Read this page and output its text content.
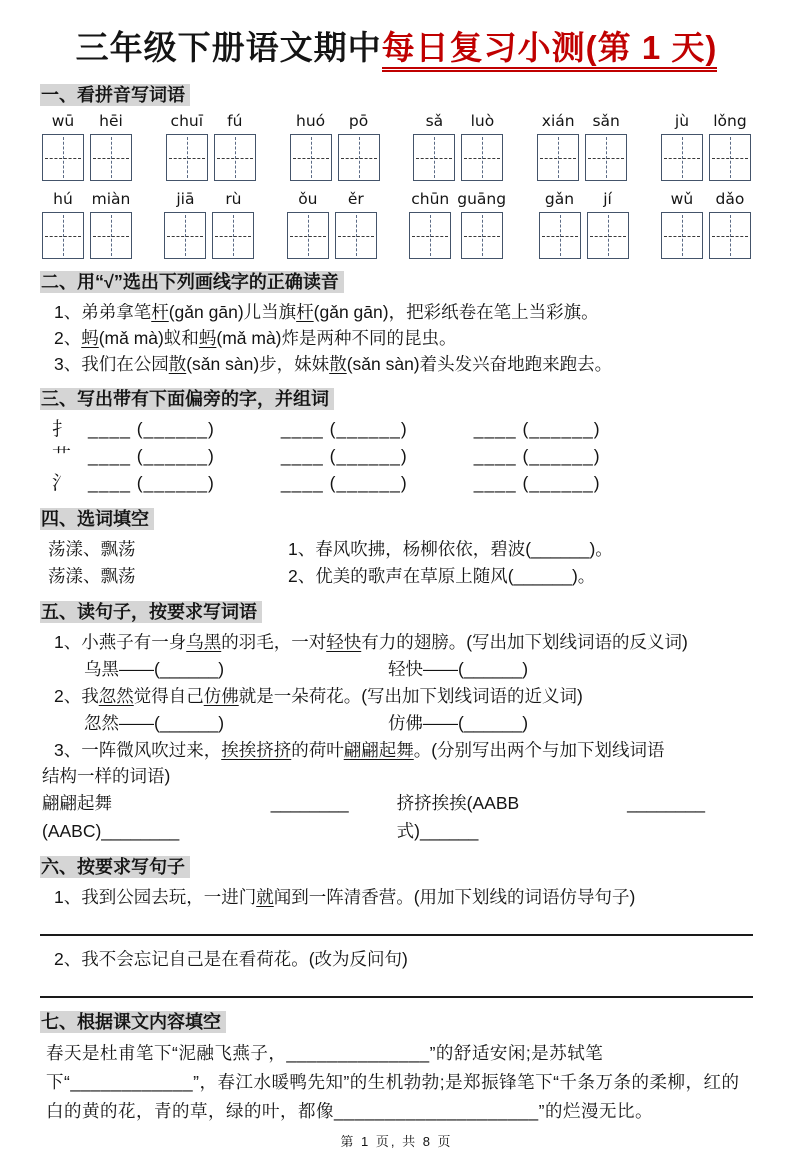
三年级下册语文期中每日复习小测(第 1 天)
一、看拼音写词语
wū hēi	chuī fú	huó pō	sǎ luò	xián sǎn	jù lǒng
hú miàn	jiā rù	ǒu ěr	chūn guāng	gǎn jí	wǔ dǎo
二、用“√”选出下列画线字的正确读音
1、弟弟拿笔杆(gǎn gān)儿当旗杆(gǎn gān)，把彩纸卷在笔上当彩旗。
2、蚂(mǎ mà)蚁和蚂(mǎ mà)炸是两种不同的昆虫。
3、我们在公园散(sǎn sàn)步，妹妹散(sǎn sàn)着头发兴奋地跑来跑去。
三、写出带有下面偏旁的字，并组词
扌 ____ (______)	____ (______)	____ (______)
艹 ____ (______)	____ (______)	____ (______)
氵 ____ (______)	____ (______)	____ (______)
四、选词填空
荡漾、飘荡	1、春风吹拂，杨柳依依，碧波(______)。
荡漾、飘荡	2、优美的歌声在草原上随风(______)。
五、读句子，按要求写词语
1、小燕子有一身乌黑的羽毛，一对轻快有力的翅膀。(写出加下划线词语的反义词)
乌黑——(______)	轻快——(______)
2、我忽然觉得自己仿佛就是一朵荷花。(写出加下划线词语的近义词)
忽然——(______)	仿佛——(______)
3、一阵微风吹过来，挨挨挤挤的荷叶翩翩起舞。(分别写出两个与加下划线词语
结构一样的词语)
翩翩起舞(AABC)________
________	挤挤挨挨(AABB 式)______
________
六、按要求写句子
1、我到公园去玩，一进门就闻到一阵清香营。(用加下划线的词语仿导句子)
2、我不会忘记自己是在看荷花。(改为反问句)
七、根据课文内容填空
春天是杜甫笔下“泥融飞燕子，______________”的舒适安闲;是苏轼笔下“____________”，春江水暖鸭先知”的生机勃勃;是郑振锋笔下“千条万条的柔柳，红的白的黄的花，青的草，绿的叶，都像____________________”的烂漫无比。
第 1 页, 共 8 页
